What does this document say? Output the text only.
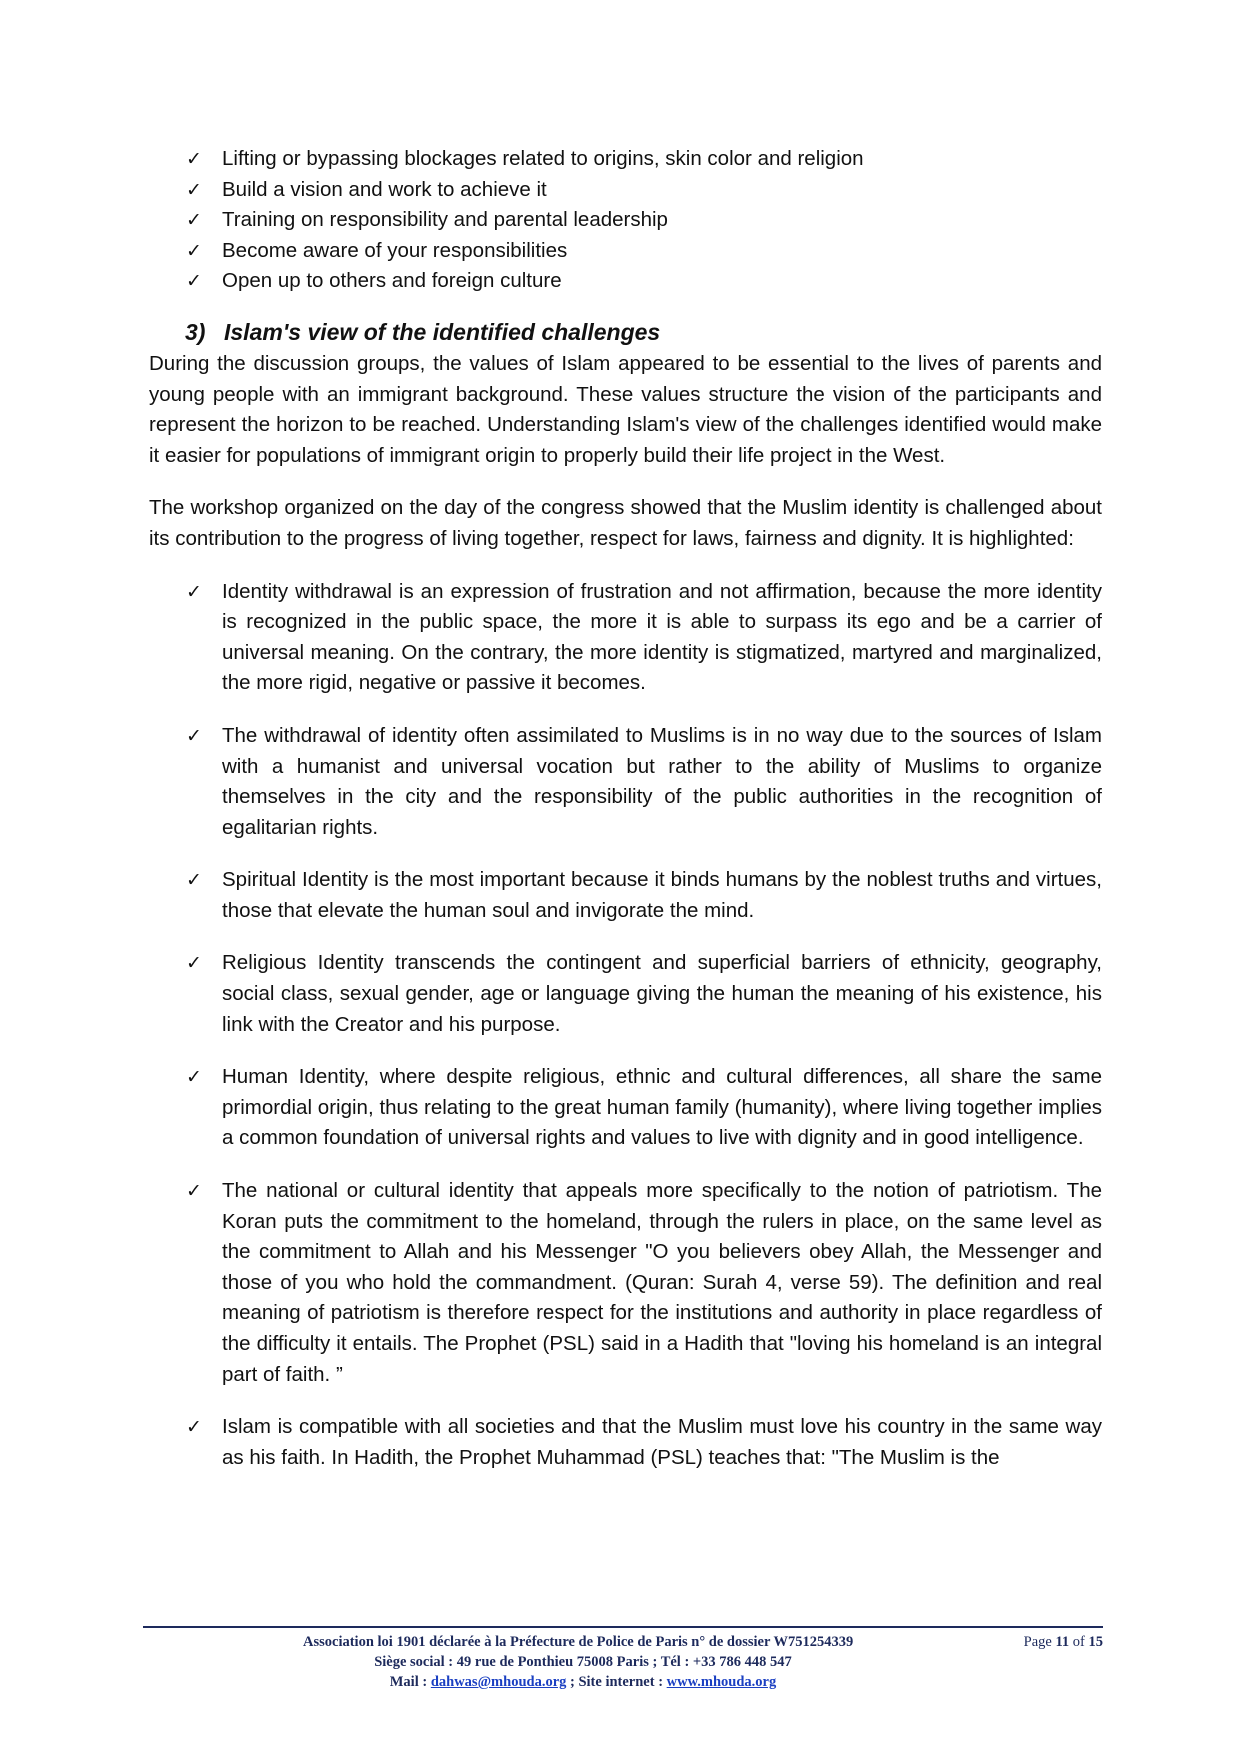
✓ Lifting or bypassing blockages related to origins, skin color and religion
✓ Build a vision and work to achieve it
✓ Training on responsibility and parental leadership
✓ Become aware of your responsibilities
✓ Open up to others and foreign culture
3) Islam's view of the identified challenges

During the discussion groups, the values of Islam appeared to be essential to the lives of parents and young people with an immigrant background. These values structure the vision of the participants and represent the horizon to be reached. Understanding Islam's view of the challenges identified would make it easier for populations of immigrant origin to properly build their life project in the West.

The workshop organized on the day of the congress showed that the Muslim identity is challenged about its contribution to the progress of living together, respect for laws, fairness and dignity. It is highlighted:

✓ Identity withdrawal is an expression of frustration and not affirmation, because the more identity is recognized in the public space, the more it is able to surpass its ego and be a carrier of universal meaning. On the contrary, the more identity is stigmatized, martyred and marginalized, the more rigid, negative or passive it becomes.
✓ The withdrawal of identity often assimilated to Muslims is in no way due to the sources of Islam with a humanist and universal vocation but rather to the ability of Muslims to organize themselves in the city and the responsibility of the public authorities in the recognition of egalitarian rights.
✓ Spiritual Identity is the most important because it binds humans by the noblest truths and virtues, those that elevate the human soul and invigorate the mind.
✓ Religious Identity transcends the contingent and superficial barriers of ethnicity, geography, social class, sexual gender, age or language giving the human the meaning of his existence, his link with the Creator and his purpose.
✓ Human Identity, where despite religious, ethnic and cultural differences, all share the same primordial origin, thus relating to the great human family (humanity), where living together implies a common foundation of universal rights and values to live with dignity and in good intelligence.
✓ The national or cultural identity that appeals more specifically to the notion of patriotism. The Koran puts the commitment to the homeland, through the rulers in place, on the same level as the commitment to Allah and his Messenger "O you believers obey Allah, the Messenger and those of you who hold the commandment. (Quran: Surah 4, verse 59). The definition and real meaning of patriotism is therefore respect for the institutions and authority in place regardless of the difficulty it entails. The Prophet (PSL) said in a Hadith that "loving his homeland is an integral part of faith. ”
✓ Islam is compatible with all societies and that the Muslim must love his country in the same way as his faith. In Hadith, the Prophet Muhammad (PSL) teaches that: "The Muslim is the
Association loi 1901 déclarée à la Préfecture de Police de Paris n° de dossier W751254339	Page 11 of 15
Siège social : 49 rue de Ponthieu 75008 Paris ; Tél : +33 786 448 547
Mail : dahwas@mhouda.org ; Site internet : www.mhouda.org
